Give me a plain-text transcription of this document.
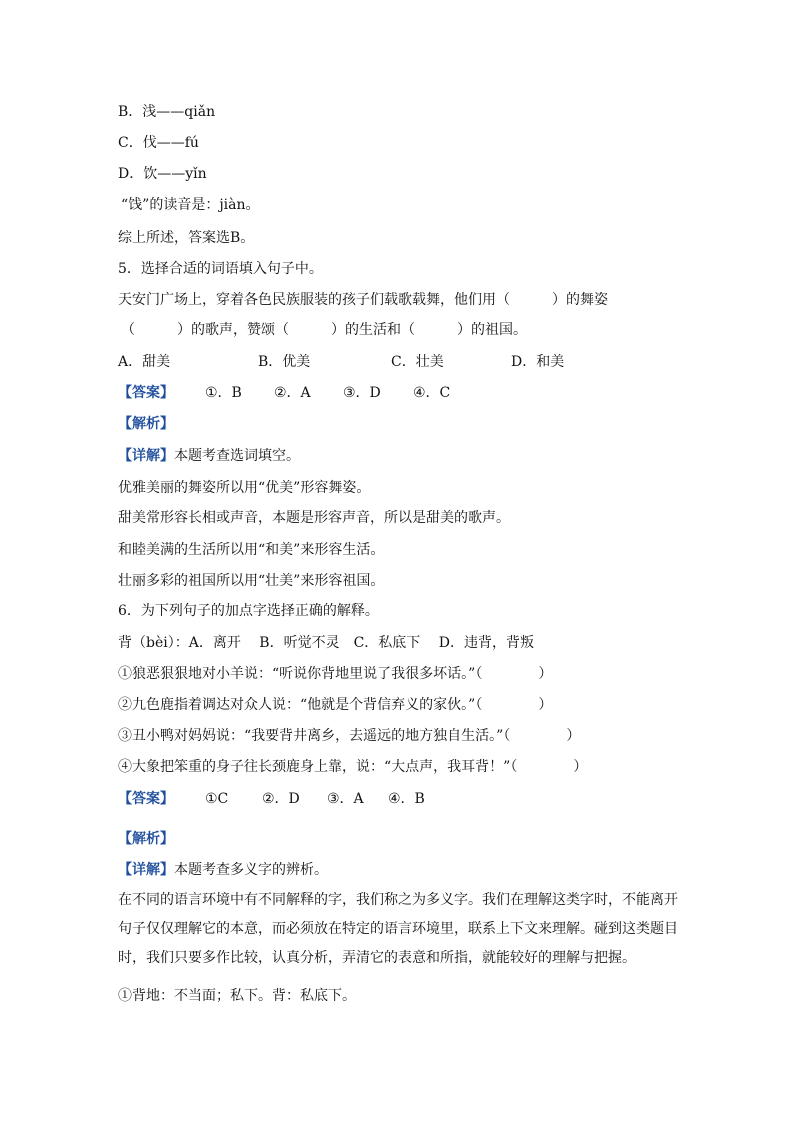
B．浅——qiǎn
C．伐——fú
D．饮——yǐn
“饯”的读音是：jiàn。
综上所述，答案选B。
5．选择合适的词语填入句子中。
天安门广场上，穿着各色民族服装的孩子们载歌载舞，他们用（　　　）的舞姿
（　　　）的歌声，赞颂（　　　）的生活和（　　　）的祖国。
A．甜美	B．优美	C．壮美	D．和美
【答案】 ①．B ②．A ③．D ④．C
【解析】
【详解】本题考查选词填空。
优雅美丽的舞姿所以用“优美”形容舞姿。
甜美常形容长相或声音，本题是形容声音，所以是甜美的歌声。
和睦美满的生活所以用“和美”来形容生活。
壮丽多彩的祖国所以用“壮美”来形容祖国。
6．为下列句子的加点字选择正确的解释。
背（bèi）：A．离开　 B．听觉不灵　C．私底下　 D．违背，背叛
①狼恶狠狠地对小羊说：“听说你背地里说了我很多坏话。”（　　　　）
②九色鹿指着调达对众人说：“他就是个背信弃义的家伙。”（　　　　）
③丑小鸭对妈妈说：“我要背井离乡，去遥远的地方独自生活。”（　　　　）
④大象把笨重的身子往长颈鹿身上靠，说：“大点声，我耳背！”（　　　　）
【答案】 ①C ②．D ③．A ④．B
【解析】
【详解】本题考查多义字的辨析。
在不同的语言环境中有不同解释的字，我们称之为多义字。我们在理解这类字时，不能离开句子仅仅理解它的本意，而必须放在特定的语言环境里，联系上下文来理解。碰到这类题目时，我们只要多作比较，认真分析，弄清它的表意和所指，就能较好的理解与把握。
①背地：不当面；私下。背：私底下。
